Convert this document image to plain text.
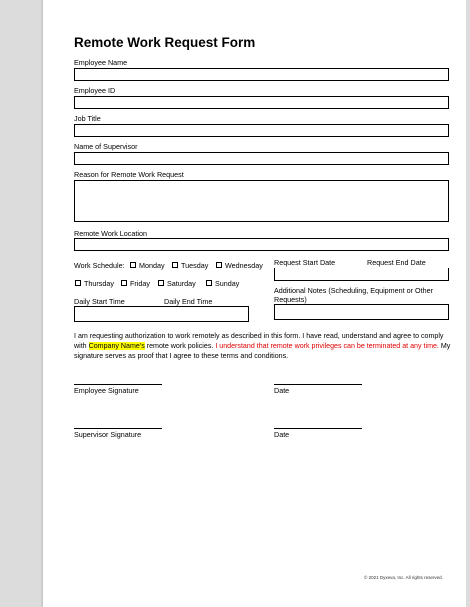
Remote Work Request Form
Employee Name
Employee ID
Job Title
Name of Supervisor
Reason for Remote Work Request
Remote Work Location
Work Schedule:	Monday	Tuesday	Wednesday
Thursday	Friday	Saturday	Sunday
Daily Start Time	Daily End Time
Request Start Date	Request End Date
Additional Notes (Scheduling, Equipment or Other Requests)
I am requesting authorization to work remotely as described in this form. I have read, understand and agree to comply with Company Name's remote work policies. I understand that remote work privileges can be terminated at any time. My signature serves as proof that I agree to these terms and conditions.
Employee Signature	Date
Supervisor Signature	Date
© 2021 Dyxeva, Inc. All rights reserved.
